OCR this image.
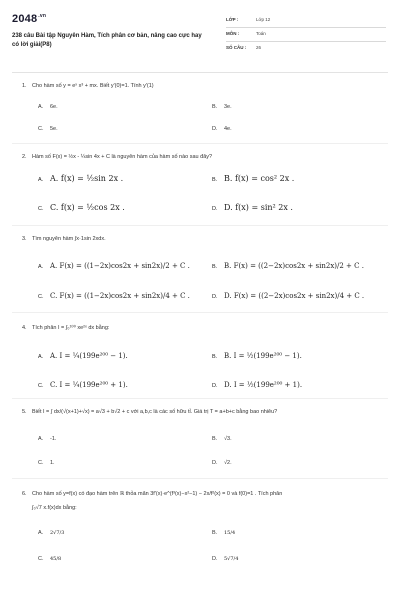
$2048^{.vn}$
238 câu Bài tập Nguyên Hàm, Tích phân cơ bản, nâng cao cực hay có lời giải(P8)
LỚP :	Lớp 12
MÔN :	Toán
SỐ CÂU : 26
1. Cho hàm số y = eˣ x³ + mx. Biết y'(0)=1. Tính y'(1)
A. 6e.	B. 3e.
C. 5e.	D. 4e.
2. Hàm số F(x) = ½x - ¼sin 4x + C là nguyên hàm của hàm số nào sau đây?
A. A. f(x) = ½sin 2x .	B. B. f(x) = cos² 2x .
C. C. f(x) = ½cos 2x .	D. D. f(x) = sin² 2x .
3. Tìm nguyên hàm ∫x·1sin 2xdx.
A. A. F(x) = ((1−2x)cos2x + sin2x)/2 + C .	B. B. F(x) = ((2−2x)cos2x + sin2x)/2 + C .
C. C. F(x) = ((1−2x)cos2x + sin2x)/4 + C .	D. D. F(x) = ((2−2x)cos2x + sin2x)/4 + C .
4. Tích phân I = ∫₀¹⁰⁰ xe²ˣ dx bằng:
A. A. I = ¼(199e²⁰⁰ − 1).	B. B. I = ½(199e²⁰⁰ − 1).
C. C. I = ¼(199e²⁰⁰ + 1).	D. D. I = ½(199e²⁰⁰ + 1).
5. Biết I = ∫ dx/(√(x+1)+√x) = a√3 + b√2 + c với a,b,c là các số hữu tỉ. Giá trị T = a+b+c bằng bao nhiêu?
A. -1.	B. √3.
C. 1.	D. √2.
6. Cho hàm số y=f(x) có đạo hàm trên ℝ thỏa mãn 3f'(x)·e^(f³(x)−x²−1) − 2x/f²(x) = 0 và f(0)=1 . Tích phân
∫₀√7 x.f(x)dx bằng:
A. 2√7/3	B. 15/4
C. 45/8	D. 5√7/4
